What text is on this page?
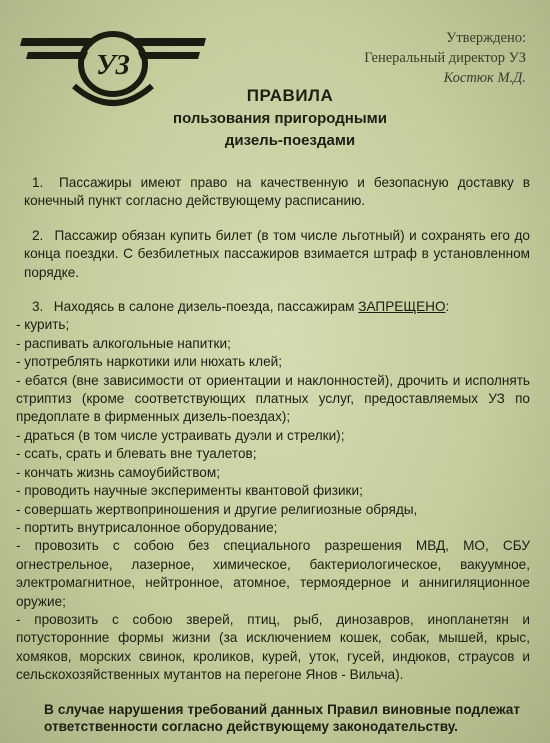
УЗ
Утверждено:
Генеральный директор УЗ
Костюк М.Д.
ПРАВИЛА
пользования пригородными
дизель-поездами
1. Пассажиры имеют право на качественную и безопасную доставку в конечный пункт согласно действующему расписанию.
2. Пассажир обязан купить билет (в том числе льготный) и сохранять его до конца поездки. С безбилетных пассажиров взимается штраф в установленном порядке.
3. Находясь в салоне дизель-поезда, пассажирам ЗАПРЕЩЕНО:
- курить;
- распивать алкогольные напитки;
- употреблять наркотики или нюхать клей;
- ебатся (вне зависимости от ориентации и наклонностей), дрочить и исполнять стриптиз (кроме соответствующих платных услуг, предоставляемых УЗ по предоплате в фирменных дизель-поездах);
- драться (в том числе устраивать дуэли и стрелки);
- ссать, срать и блевать вне туалетов;
- кончать жизнь самоубийством;
- проводить научные эксперименты квантовой физики;
- совершать жертвоприношения и другие религиозные обряды,
- портить внутрисалонное оборудование;
- провозить с собою без специального разрешения МВД, МО, СБУ огнестрельное, лазерное, химическое, бактериологическое, вакуумное, электромагнитное, нейтронное, атомное, термоядерное и аннигиляционное оружие;
- провозить с собою зверей, птиц, рыб, динозавров, инопланетян и потусторонние формы жизни (за исключением кошек, собак, мышей, крыс, хомяков, морских свинок, кроликов, курей, уток, гусей, индюков, страусов и сельскохозяйственных мутантов на перегоне Янов - Вильча).
В случае нарушения требований данных Правил виновные подлежат ответственности согласно действующему законодательству.
